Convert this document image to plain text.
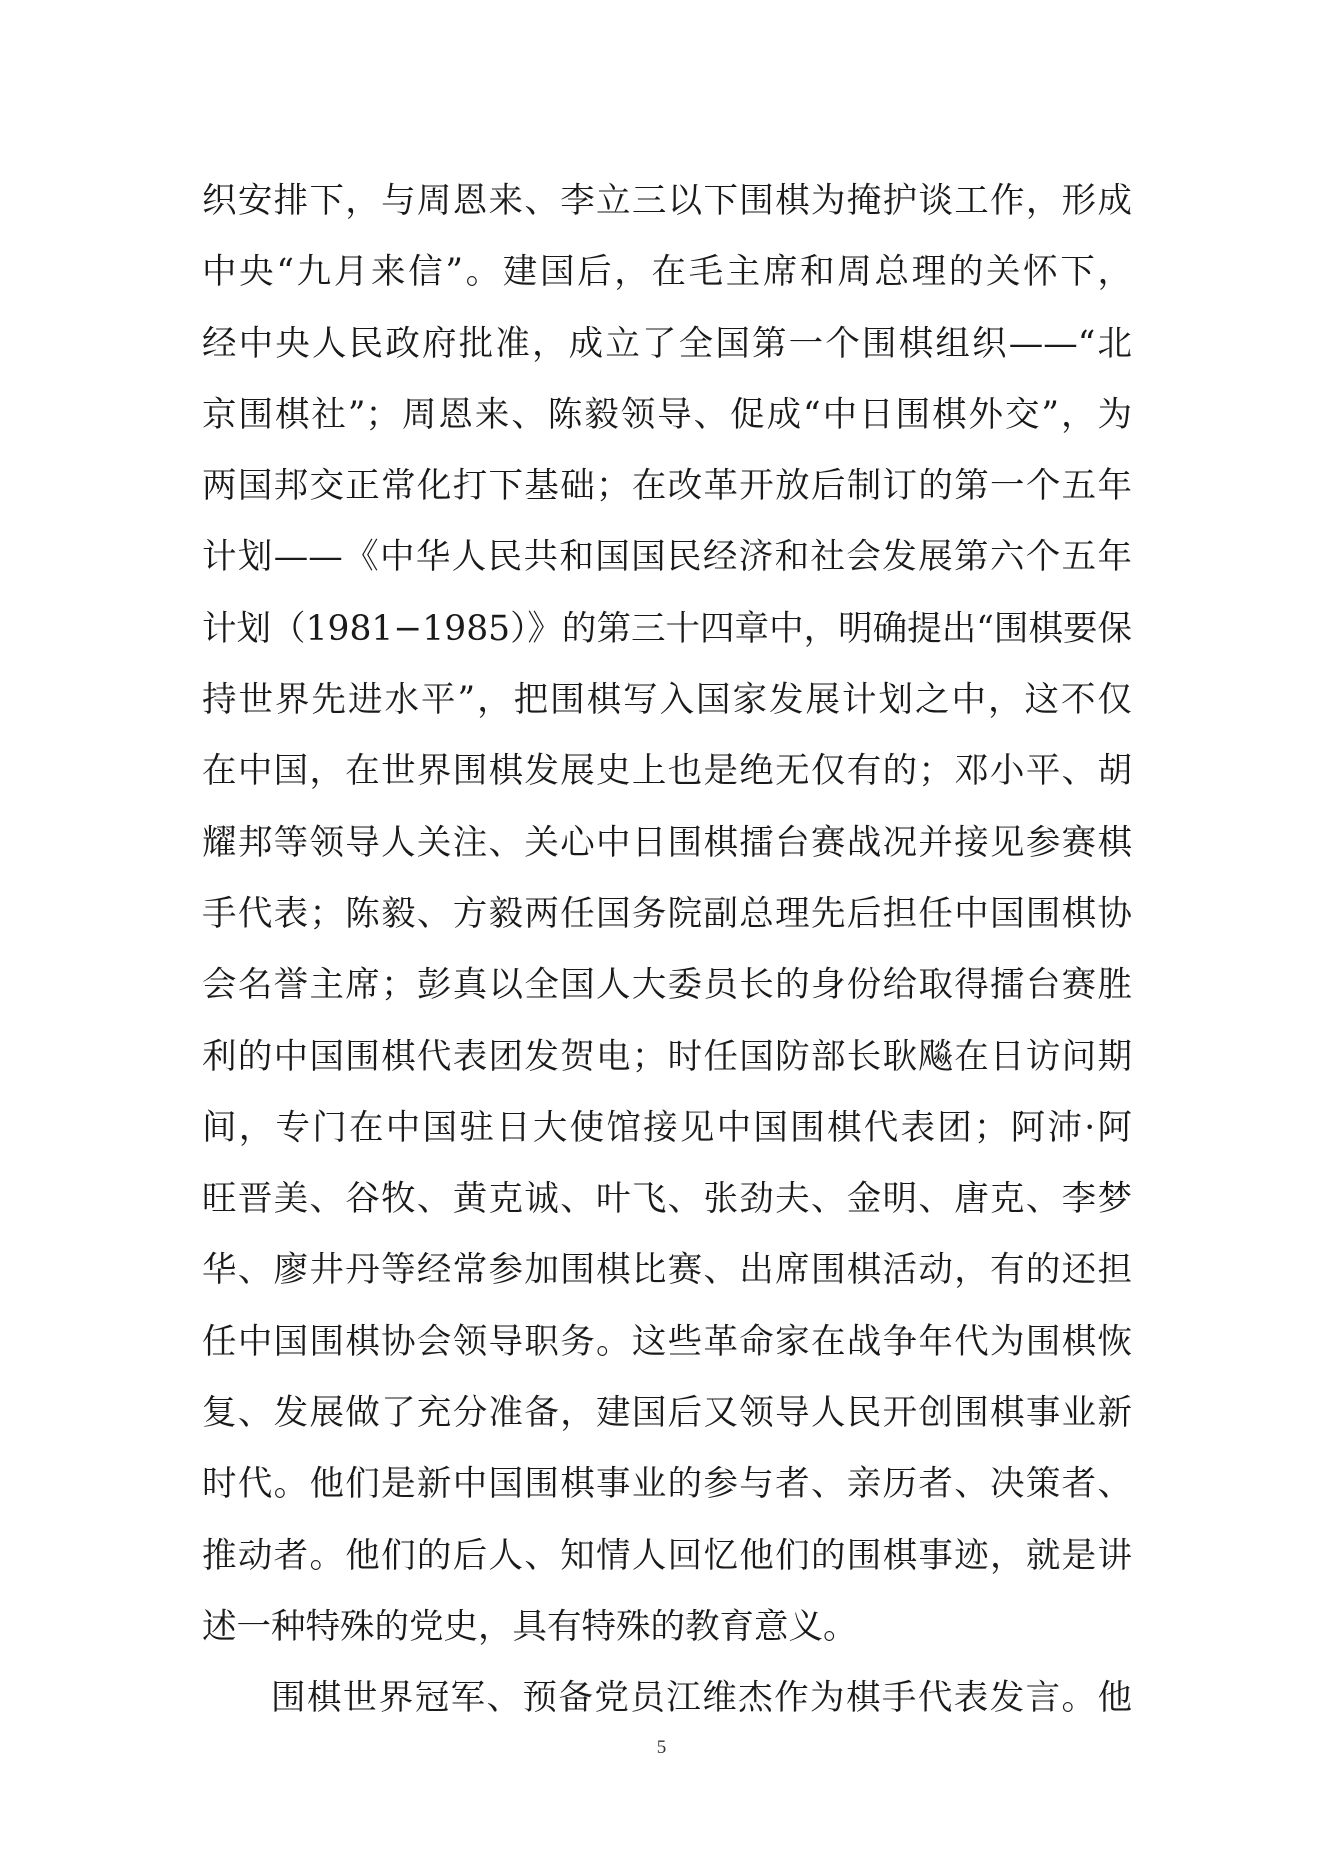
织安排下，与周恩来、李立三以下围棋为掩护谈工作，形成
中央“九月来信”。建国后，在毛主席和周总理的关怀下，
经中央人民政府批准，成立了全国第一个围棋组织——“北
京围棋社”；周恩来、陈毅领导、促成“中日围棋外交”，为
两国邦交正常化打下基础；在改革开放后制订的第一个五年
计划——《中华人民共和国国民经济和社会发展第六个五年
计划（1981−1985）》的第三十四章中，明确提出“围棋要保
持世界先进水平”，把围棋写入国家发展计划之中，这不仅
在中国，在世界围棋发展史上也是绝无仅有的；邓小平、胡
耀邦等领导人关注、关心中日围棋擂台赛战况并接见参赛棋
手代表；陈毅、方毅两任国务院副总理先后担任中国围棋协
会名誉主席；彭真以全国人大委员长的身份给取得擂台赛胜
利的中国围棋代表团发贺电；时任国防部长耿飚在日访问期
间，专门在中国驻日大使馆接见中国围棋代表团；阿沛·阿
旺晋美、谷牧、黄克诚、叶飞、张劲夫、金明、唐克、李梦
华、廖井丹等经常参加围棋比赛、出席围棋活动，有的还担
任中国围棋协会领导职务。这些革命家在战争年代为围棋恢
复、发展做了充分准备，建国后又领导人民开创围棋事业新
时代。他们是新中国围棋事业的参与者、亲历者、决策者、
推动者。他们的后人、知情人回忆他们的围棋事迹，就是讲
述一种特殊的党史，具有特殊的教育意义。
围棋世界冠军、预备党员江维杰作为棋手代表发言。他
5
